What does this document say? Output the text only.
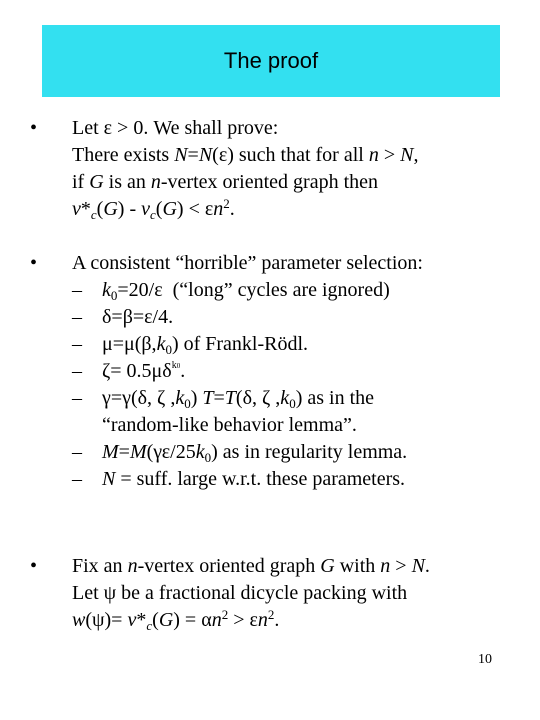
The proof
• Let ε > 0. We shall prove:
There exists N=N(ε) such that for all n > N,
if G is an n-vertex oriented graph then
$\nu*_c(G) - \nu_c(G) < \varepsilon n^2$.
• A consistent “horrible” parameter selection:
– $k_0=20/\varepsilon$  (“long” cycles are ignored)
– δ=β=ε/4.
– $\mu=\mu(\beta,k_0)$ of Frankl-Rödl.
– $\zeta= 0.5\mu\delta^{k0}$.
– γ=γ(δ, ζ $,k_0$) T=T(δ, ζ $,k_0$) as in the
“random-like behavior lemma”.
– $M=M(\gamma\varepsilon/25k_0)$ as in regularity lemma.
– N = suff. large w.r.t. these parameters.
• Fix an n-vertex oriented graph G with n > N.
Let ψ be a fractional dicycle packing with
$w(\psi)= \nu*_c(G) = \alpha n^2 > \varepsilon n^2$.
10
